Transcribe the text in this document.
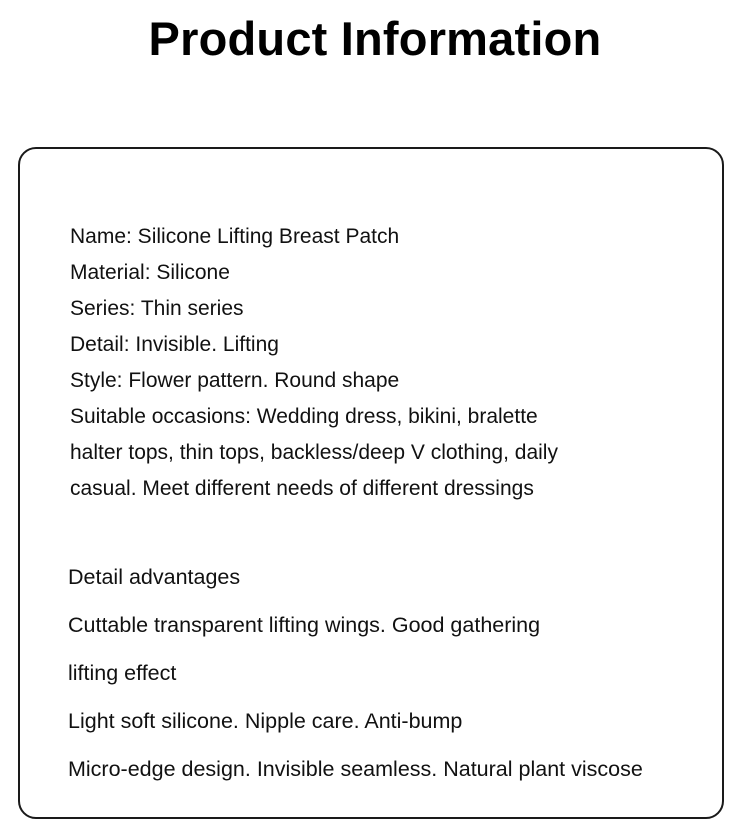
Product Information
Name: Silicone Lifting Breast Patch
Material: Silicone
Series: Thin series
Detail: Invisible. Lifting
Style: Flower pattern. Round shape
Suitable occasions: Wedding dress, bikini, bralette
halter tops, thin tops, backless/deep V clothing, daily
casual. Meet different needs of different dressings
Detail advantages
Cuttable transparent lifting wings. Good gathering
lifting effect
Light soft silicone. Nipple care. Anti-bump
Micro-edge design. Invisible seamless. Natural plant viscose
